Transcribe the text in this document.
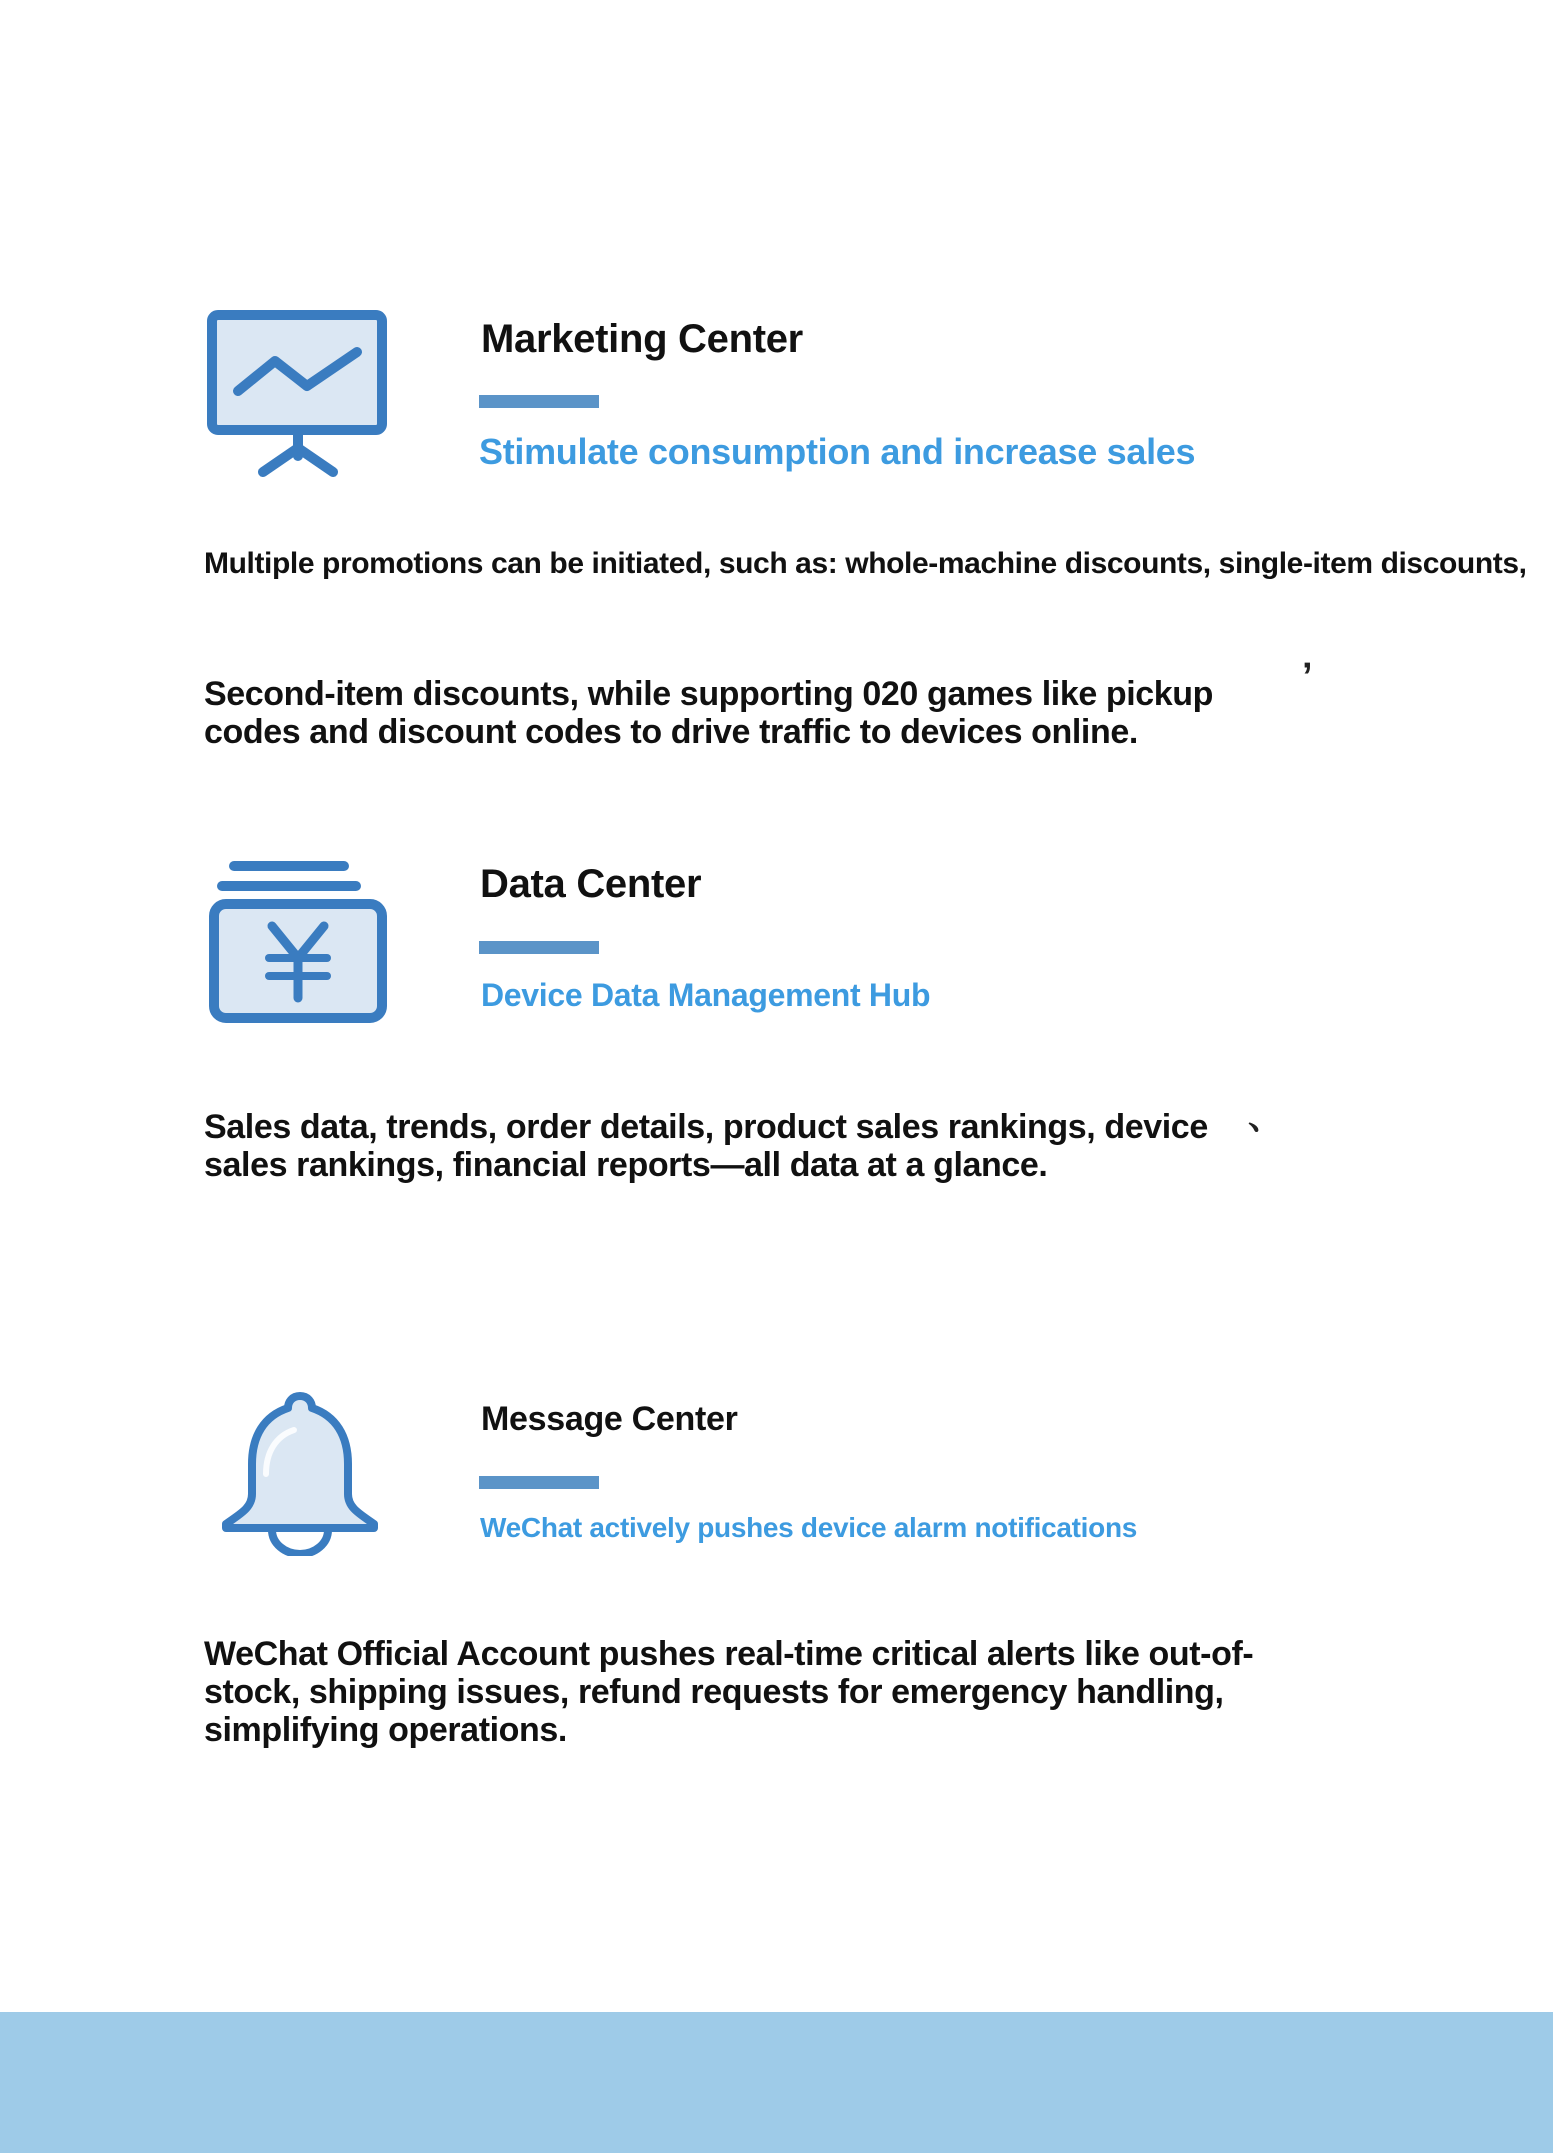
Marketing Center
Stimulate consumption and increase sales
Multiple promotions can be initiated, such as: whole-machine discounts, single-item discounts,
’

Second-item discounts, while supporting 020 games like pickup codes and discount codes to drive traffic to devices online.

Data Center
Device Data Management Hub
、

Sales data, trends, order details, product sales rankings, device sales rankings, financial reports—all data at a glance.

Message Center
WeChat actively pushes device alarm notifications

WeChat Official Account pushes real-time critical alerts like out-of-stock, shipping issues, refund requests for emergency handling, simplifying operations.
